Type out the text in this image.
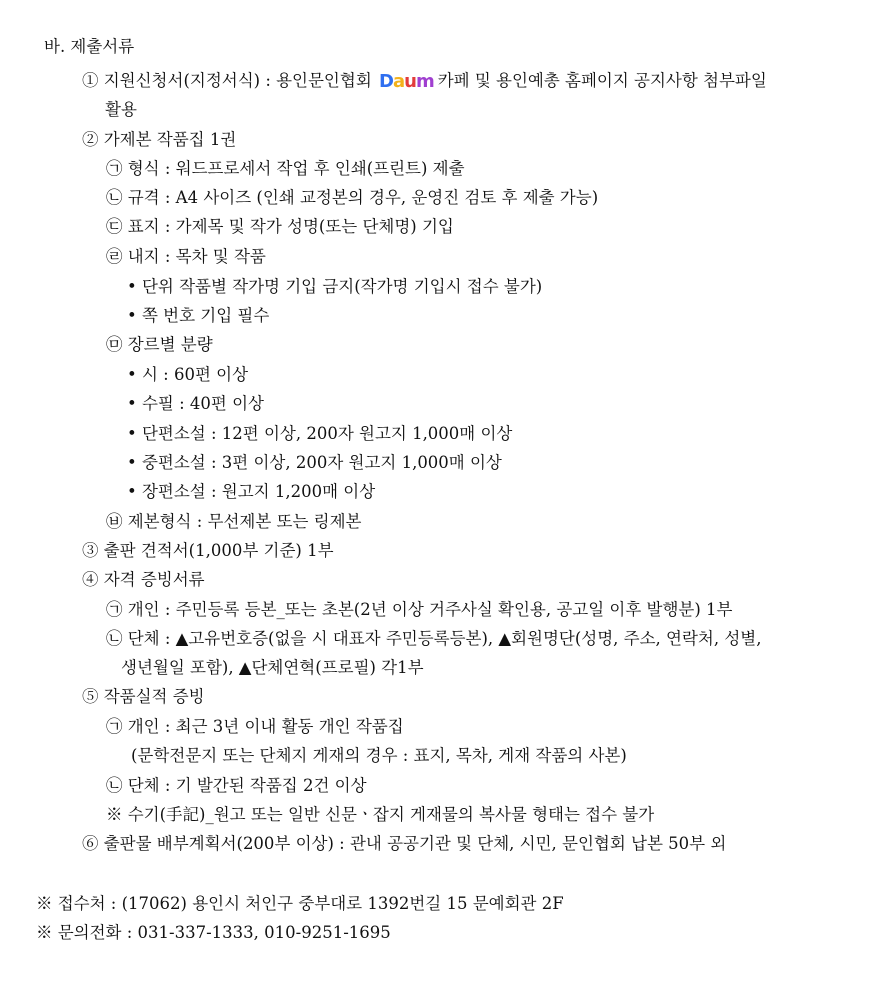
바. 제출서류
① 지원신청서(지정서식) : 용인문인협회 Daum 카페 및 용인예총 홈페이지 공지사항 첨부파일
활용
② 가제본 작품집 1권
㉠ 형식 : 워드프로세서 작업 후 인쇄(프린트) 제출
㉡ 규격 : A4 사이즈 (인쇄 교정본의 경우, 운영진 검토 후 제출 가능)
㉢ 표지 : 가제목 및 작가 성명(또는 단체명) 기입
㉣ 내지 : 목차 및 작품
• 단위 작품별 작가명 기입 금지(작가명 기입시 접수 불가)
• 쪽 번호 기입 필수
㉤ 장르별 분량
• 시 : 60편 이상
• 수필 : 40편 이상
• 단편소설 : 12편 이상, 200자 원고지 1,000매 이상
• 중편소설 : 3편 이상, 200자 원고지 1,000매 이상
• 장편소설 : 원고지 1,200매 이상
㉥ 제본형식 : 무선제본 또는 링제본
③ 출판 견적서(1,000부 기준) 1부
④ 자격 증빙서류
㉠ 개인 : 주민등록 등본_또는 초본(2년 이상 거주사실 확인용, 공고일 이후 발행분) 1부
㉡ 단체 : ▲고유번호증(없을 시 대표자 주민등록등본), ▲회원명단(성명, 주소, 연락처, 성별,
생년월일 포함), ▲단체연혁(프로필) 각1부
⑤ 작품실적 증빙
㉠ 개인 : 최근 3년 이내 활동 개인 작품집
(문학전문지 또는 단체지 게재의 경우 : 표지, 목차, 게재 작품의 사본)
㉡ 단체 : 기 발간된 작품집 2건 이상
※ 수기(手記)_원고 또는 일반 신문ㆍ잡지 게재물의 복사물 형태는 접수 불가
⑥ 출판물 배부계획서(200부 이상) : 관내 공공기관 및 단체, 시민, 문인협회 납본 50부 외
※ 접수처 : (17062) 용인시 처인구 중부대로 1392번길 15 문예회관 2F
※ 문의전화 : 031-337-1333, 010-9251-1695
